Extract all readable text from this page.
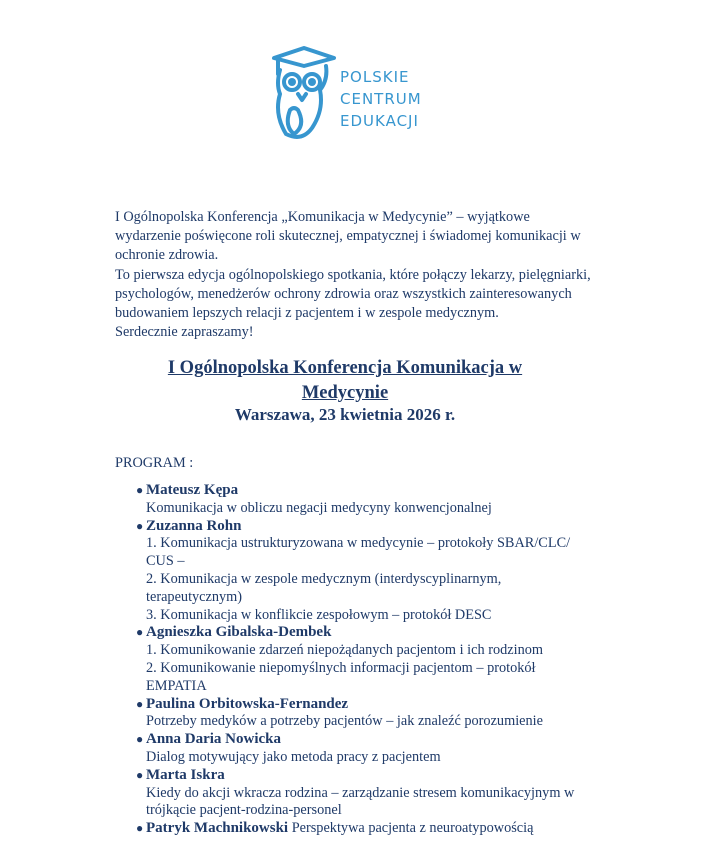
POLSKIE
CENTRUM
EDUKACJI
I Ogólnopolska Konferencja „Komunikacja w Medycynie” – wyjątkowe
wydarzenie poświęcone roli skutecznej, empatycznej i świadomej komunikacji w
ochronie zdrowia.
To pierwsza edycja ogólnopolskiego spotkania, które połączy lekarzy, pielęgniarki,
psychologów, menedżerów ochrony zdrowia oraz wszystkich zainteresowanych
budowaniem lepszych relacji z pacjentem i w zespole medycznym.
Serdecznie zapraszamy!
I Ogólnopolska Konferencja Komunikacja w
Medycynie
Warszawa, 23 kwietnia 2026 r.
PROGRAM :
● Mateusz Kępa
Komunikacja w obliczu negacji medycyny konwencjonalnej
● Zuzanna Rohn
1. Komunikacja ustrukturyzowana w medycynie – protokoły SBAR/CLC/
CUS –
2. Komunikacja w zespole medycznym (interdyscyplinarnym,
terapeutycznym)
3. Komunikacja w konflikcie zespołowym – protokół DESC
● Agnieszka Gibalska-Dembek
1. Komunikowanie zdarzeń niepożądanych pacjentom i ich rodzinom
2. Komunikowanie niepomyślnych informacji pacjentom – protokół
EMPATIA
● Paulina Orbitowska-Fernandez
Potrzeby medyków a potrzeby pacjentów – jak znaleźć porozumienie
● Anna Daria Nowicka
Dialog motywujący jako metoda pracy z pacjentem
● Marta Iskra
Kiedy do akcji wkracza rodzina – zarządzanie stresem komunikacyjnym w
trójkącie pacjent-rodzina-personel
● Patryk Machnikowski Perspektywa pacjenta z neuroatypowością
